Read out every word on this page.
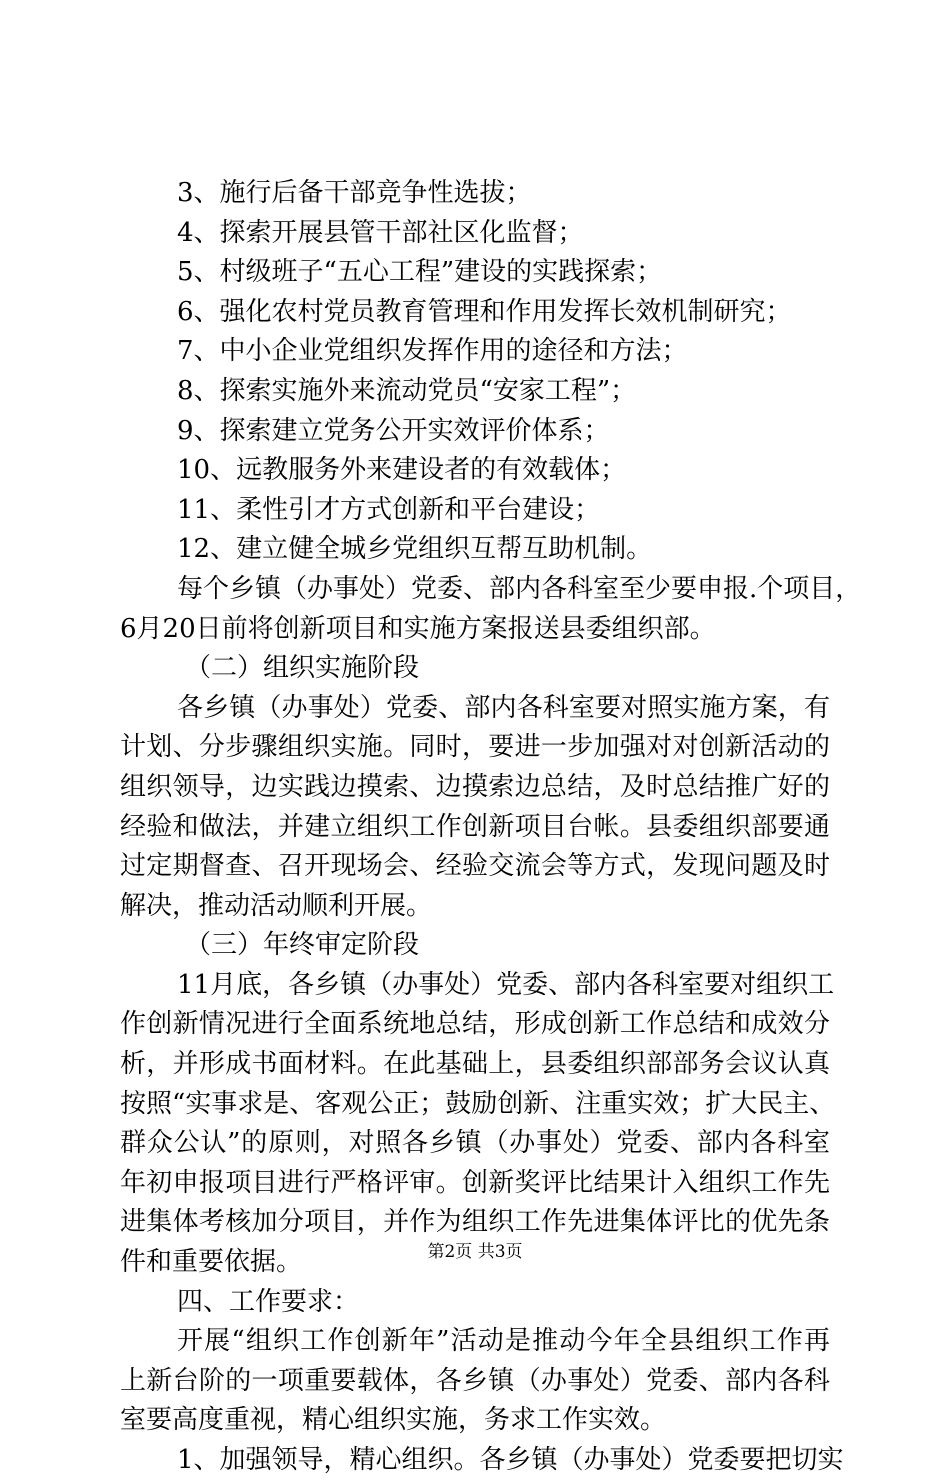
3、施行后备干部竞争性选拔；
4、探索开展县管干部社区化监督；
5、村级班子“五心工程”建设的实践探索；
6、强化农村党员教育管理和作用发挥长效机制研究；
7、中小企业党组织发挥作用的途径和方法；
8、探索实施外来流动党员“安家工程”；
9、探索建立党务公开实效评价体系；
10、远教服务外来建设者的有效载体；
11、柔性引才方式创新和平台建设；
12、建立健全城乡党组织互帮互助机制。
每个乡镇（办事处）党委、部内各科室至少要申报.个项目，
6月20日前将创新项目和实施方案报送县委组织部。
（二）组织实施阶段
各乡镇（办事处）党委、部内各科室要对照实施方案，有
计划、分步骤组织实施。同时，要进一步加强对对创新活动的
组织领导，边实践边摸索、边摸索边总结，及时总结推广好的
经验和做法，并建立组织工作创新项目台帐。县委组织部要通
过定期督查、召开现场会、经验交流会等方式，发现问题及时
解决，推动活动顺利开展。
（三）年终审定阶段
11月底，各乡镇（办事处）党委、部内各科室要对组织工
作创新情况进行全面系统地总结，形成创新工作总结和成效分
析，并形成书面材料。在此基础上，县委组织部部务会议认真
按照“实事求是、客观公正；鼓励创新、注重实效；扩大民主、
群众公认”的原则，对照各乡镇（办事处）党委、部内各科室
年初申报项目进行严格评审。创新奖评比结果计入组织工作先
进集体考核加分项目，并作为组织工作先进集体评比的优先条
件和重要依据。
四、工作要求：
开展“组织工作创新年”活动是推动今年全县组织工作再
上新台阶的一项重要载体，各乡镇（办事处）党委、部内各科
室要高度重视，精心组织实施，务求工作实效。
1、加强领导，精心组织。各乡镇（办事处）党委要把切实
第2页 共3页
